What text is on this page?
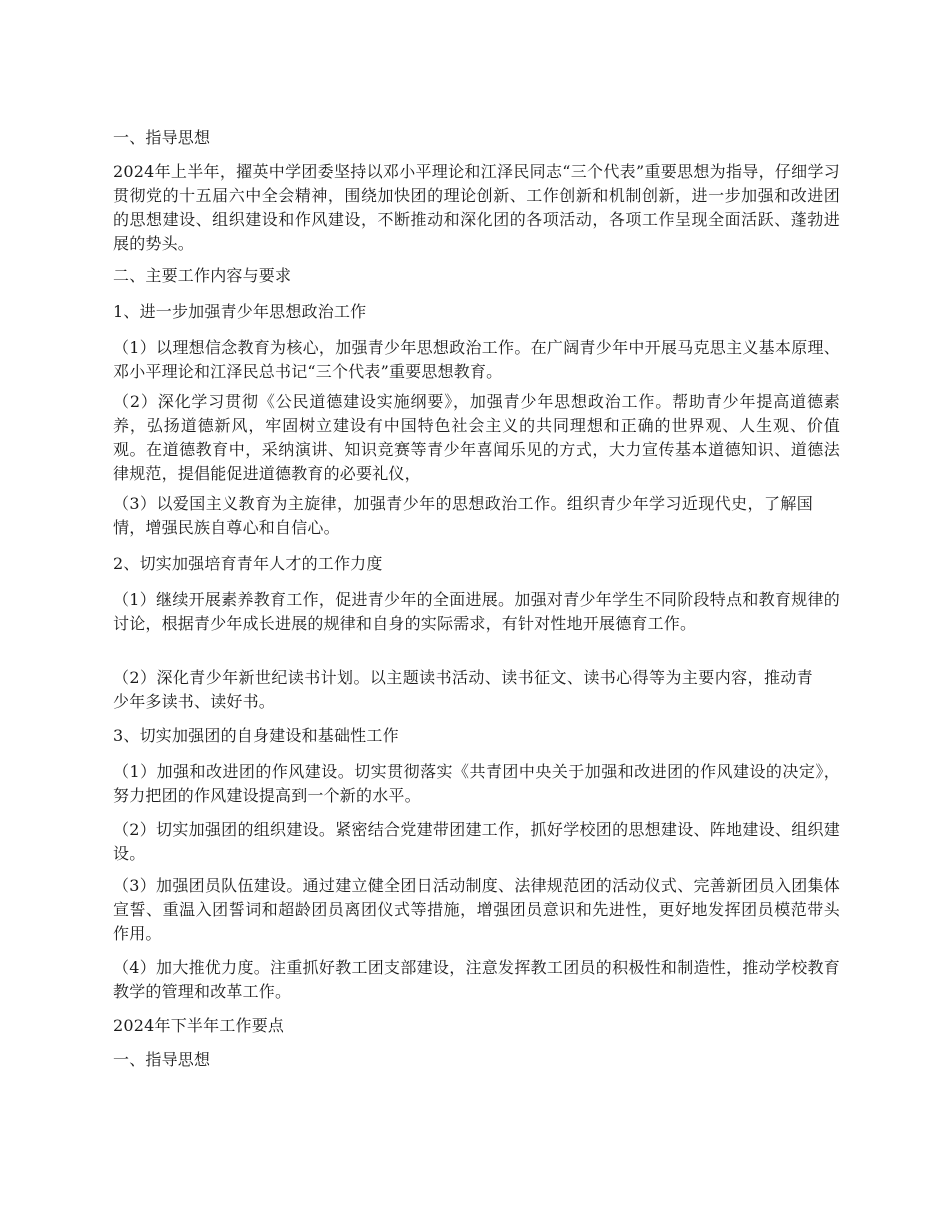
一、指导思想

2024年上半年，擢英中学团委坚持以邓小平理论和江泽民同志“三个代表”重要思想为指导，仔细学习贯彻党的十五届六中全会精神，围绕加快团的理论创新、工作创新和机制创新，进一步加强和改进团的思想建设、组织建设和作风建设，不断推动和深化团的各项活动，各项工作呈现全面活跃、蓬勃进展的势头。

二、主要工作内容与要求

1、进一步加强青少年思想政治工作

（1）以理想信念教育为核心，加强青少年思想政治工作。在广阔青少年中开展马克思主义基本原理、邓小平理论和江泽民总书记“三个代表”重要思想教育。

（2）深化学习贯彻《公民道德建设实施纲要》，加强青少年思想政治工作。帮助青少年提高道德素养，弘扬道德新风，牢固树立建设有中国特色社会主义的共同理想和正确的世界观、人生观、价值观。在道德教育中，采纳演讲、知识竞赛等青少年喜闻乐见的方式，大力宣传基本道德知识、道德法律规范，提倡能促进道德教育的必要礼仪，

（3）以爱国主义教育为主旋律，加强青少年的思想政治工作。组织青少年学习近现代史，了解国情，增强民族自尊心和自信心。

2、切实加强培育青年人才的工作力度

（1）继续开展素养教育工作，促进青少年的全面进展。加强对青少年学生不同阶段特点和教育规律的讨论，根据青少年成长进展的规律和自身的实际需求，有针对性地开展德育工作。

（2）深化青少年新世纪读书计划。以主题读书活动、读书征文、读书心得等为主要内容，推动青少年多读书、读好书。

3、切实加强团的自身建设和基础性工作

（1）加强和改进团的作风建设。切实贯彻落实《共青团中央关于加强和改进团的作风建设的决定》，努力把团的作风建设提高到一个新的水平。

（2）切实加强团的组织建设。紧密结合党建带团建工作，抓好学校团的思想建设、阵地建设、组织建设。

（3）加强团员队伍建设。通过建立健全团日活动制度、法律规范团的活动仪式、完善新团员入团集体宣誓、重温入团誓词和超龄团员离团仪式等措施，增强团员意识和先进性，更好地发挥团员模范带头作用。

（4）加大推优力度。注重抓好教工团支部建设，注意发挥教工团员的积极性和制造性，推动学校教育教学的管理和改革工作。

2024年下半年工作要点

一、指导思想
